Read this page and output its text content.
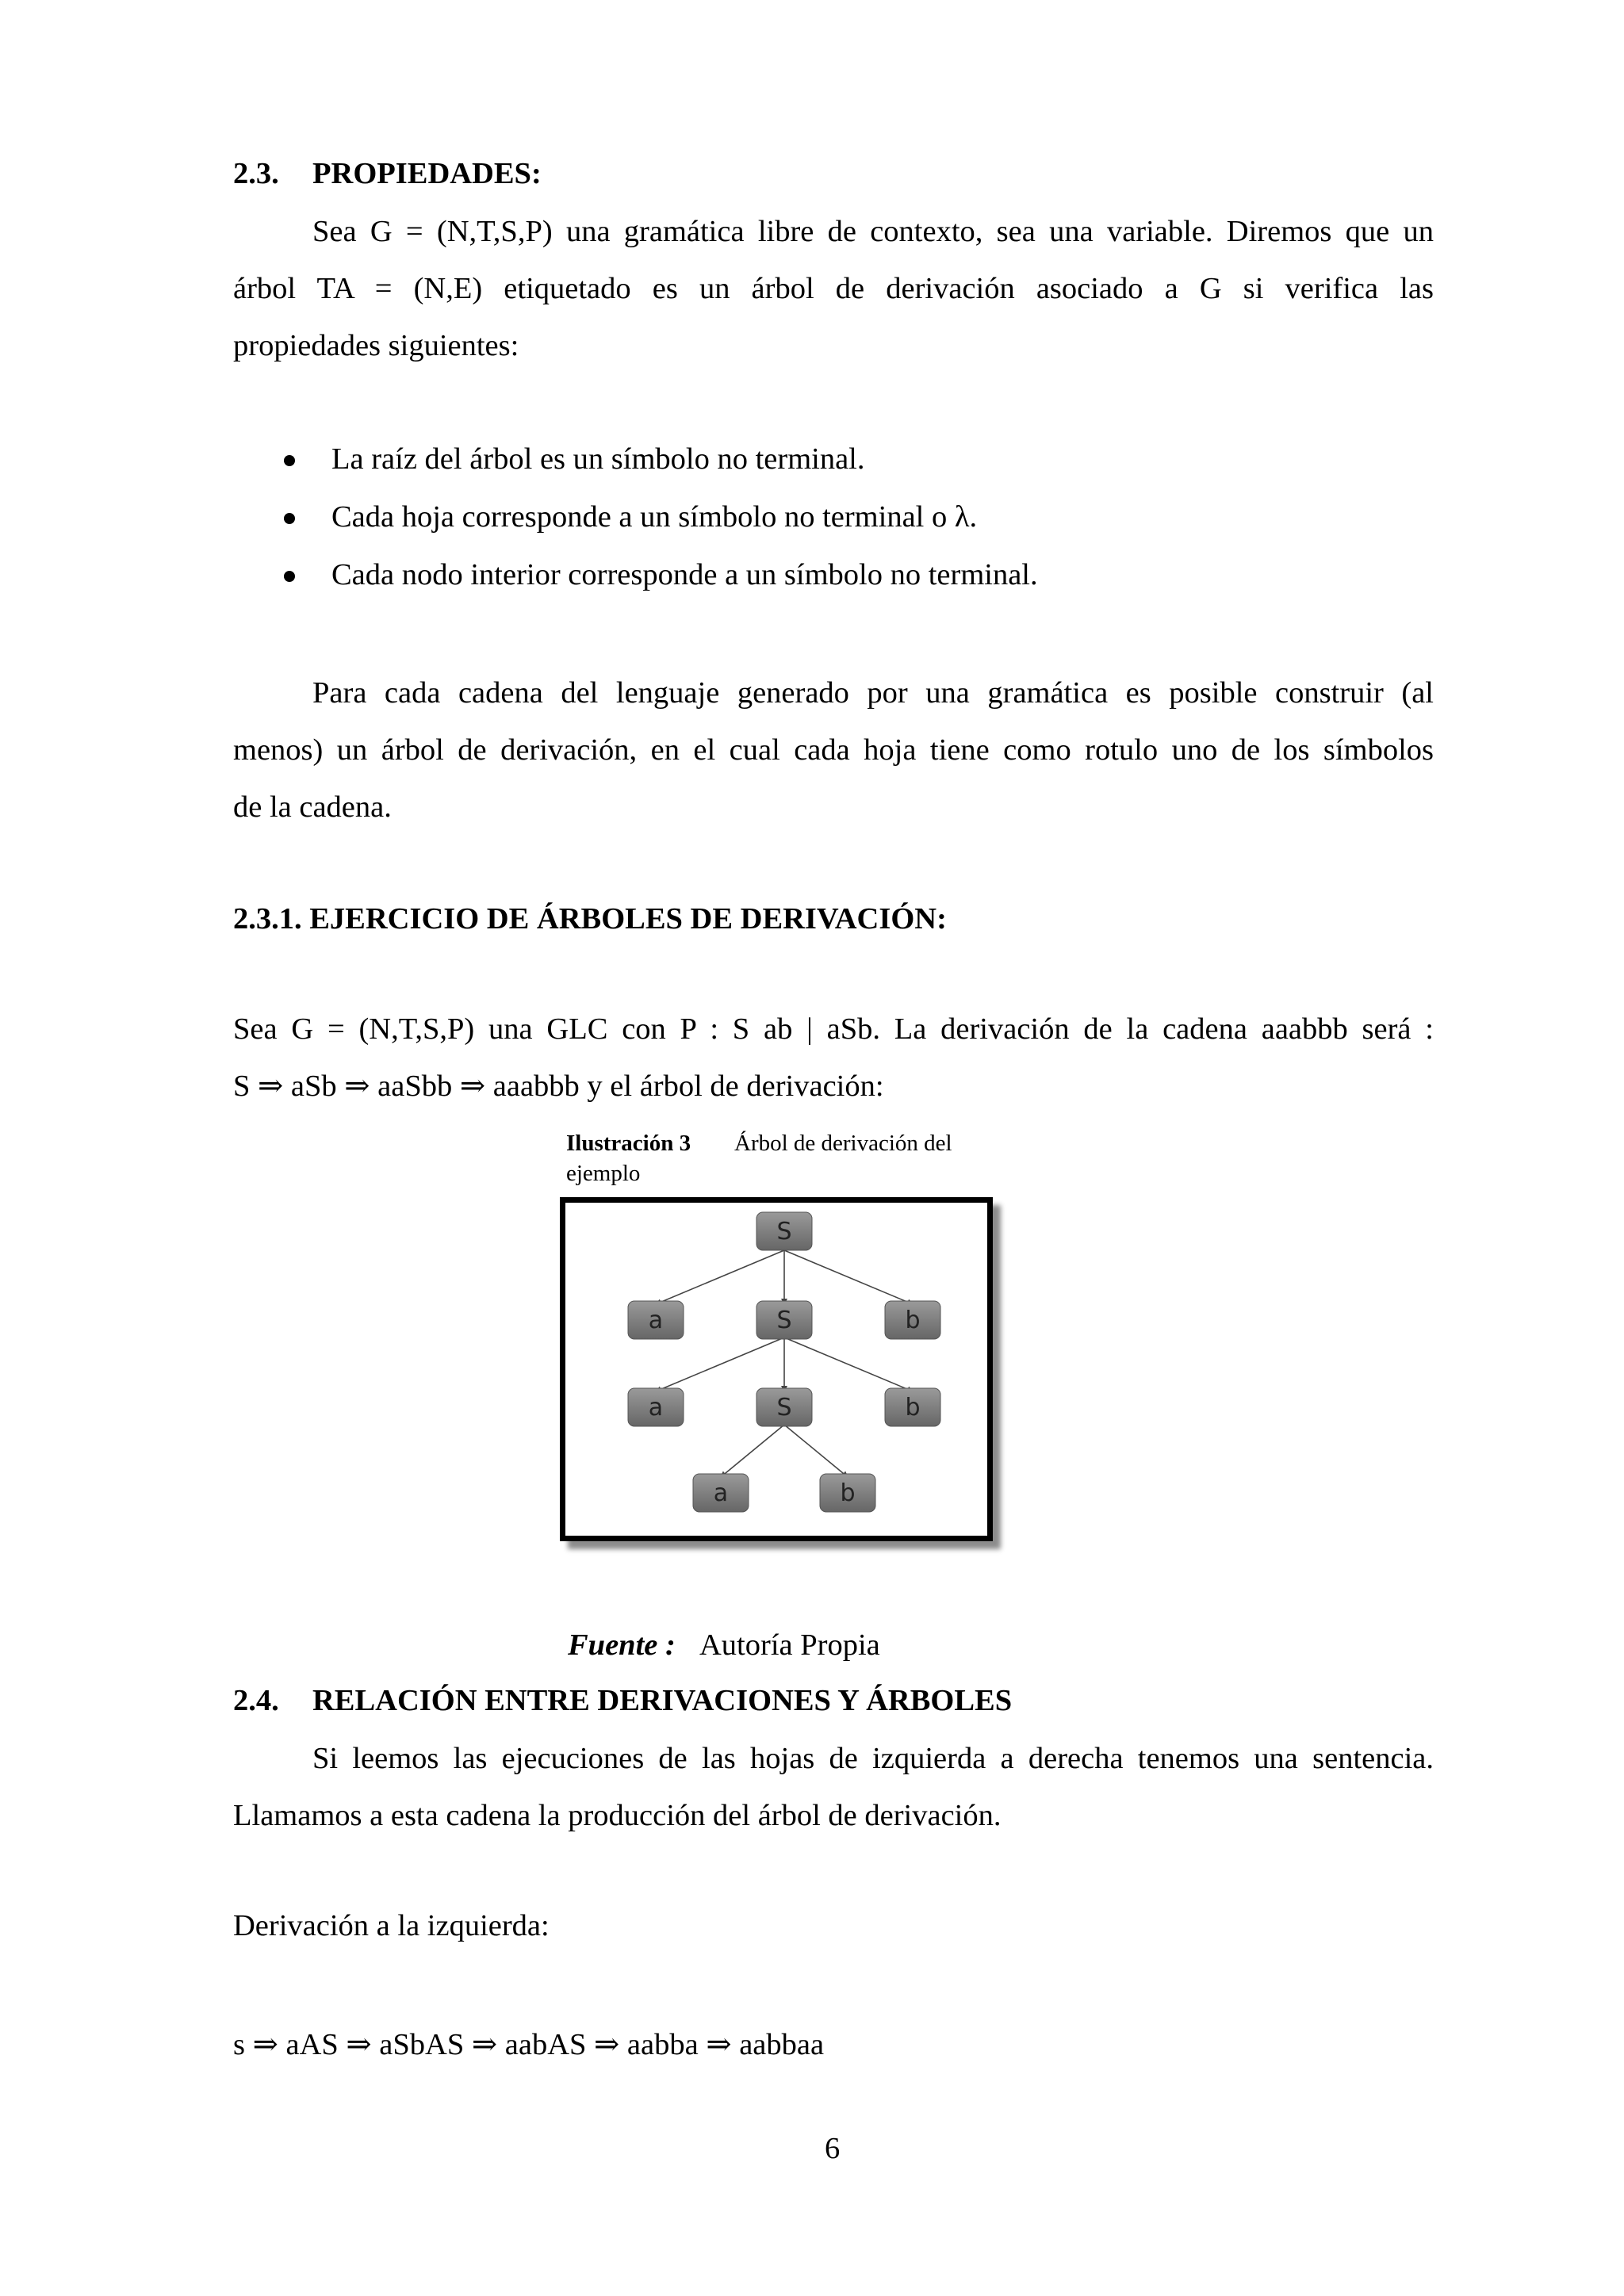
2.3. PROPIEDADES:
Sea G = (N,T,S,P) una gramática libre de contexto, sea una variable. Diremos que un
árbol TA = (N,E) etiquetado es un árbol de derivación asociado a G si verifica las
propiedades siguientes:
La raíz del árbol es un símbolo no terminal.
Cada hoja corresponde a un símbolo no terminal o λ.
Cada nodo interior corresponde a un símbolo no terminal.
Para cada cadena del lenguaje generado por una gramática es posible construir (al
menos) un árbol de derivación, en el cual cada hoja tiene como rotulo uno de los símbolos
de la cadena.
2.3.1. EJERCICIO DE ÁRBOLES DE DERIVACIÓN:
Sea G = (N,T,S,P) una GLC con P : S ab | aSb. La derivación de la cadena aaabbb será :
S ⇒ aSb ⇒ aaSbb ⇒ aaabbb y el árbol de derivación:
Ilustración 3 Árbol de derivación del
ejemplo
S
a	S	b
a	S	b
a	b
Fuente : Autoría Propia
2.4. RELACIÓN ENTRE DERIVACIONES Y ÁRBOLES
Si leemos las ejecuciones de las hojas de izquierda a derecha tenemos una sentencia.
Llamamos a esta cadena la producción del árbol de derivación.
Derivación a la izquierda:
s ⇒ aAS ⇒ aSbAS ⇒ aabAS ⇒ aabba ⇒ aabbaa
6
